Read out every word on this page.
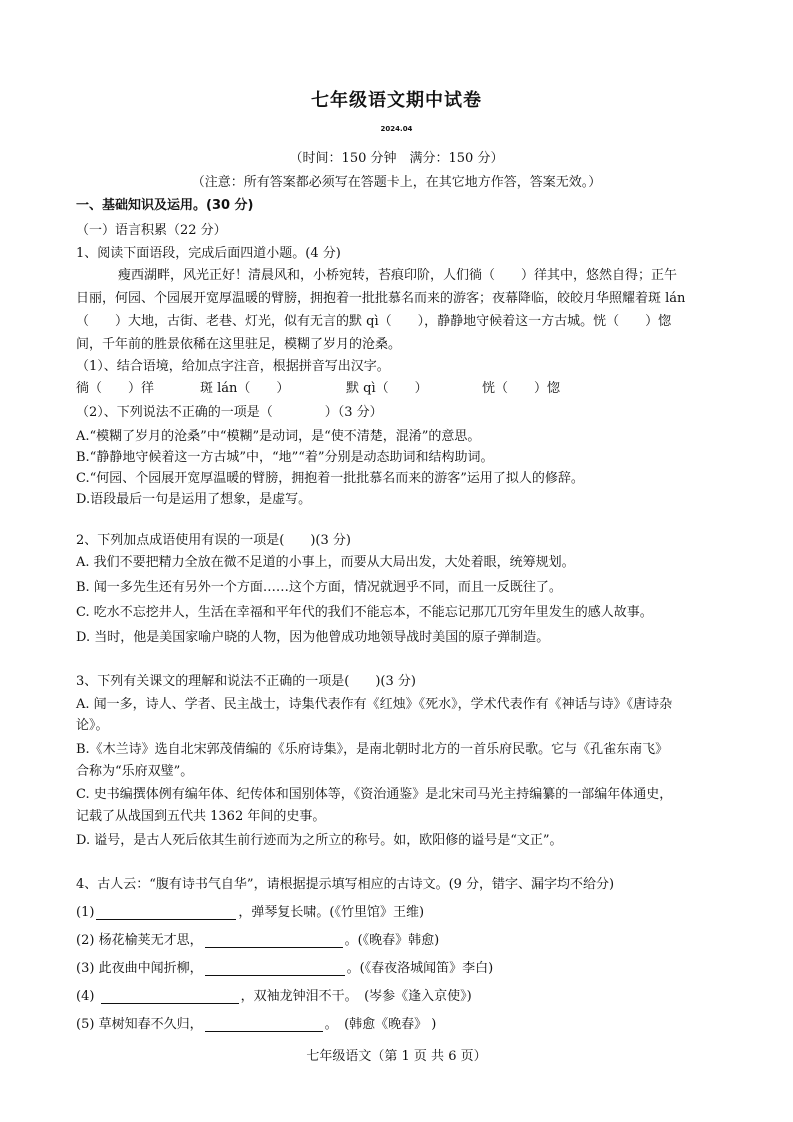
七年级语文期中试卷
2024.04
（时间：150 分钟　满分：150 分）
（注意：所有答案都必须写在答题卡上，在其它地方作答，答案无效。）
一、基础知识及运用。(30 分)
（一）语言积累（22 分）
1、阅读下面语段，完成后面四道小题。(4 分)
瘦西湖畔，风光正好！清晨风和，小桥宛转，苔痕印阶，人们徜（　　）徉其中，悠然自得；正午
日丽，何园、个园展开宽厚温暖的臂膀，拥抱着一批批慕名而来的游客；夜幕降临，皎皎月华照耀着斑 lán
（　　）大地，古街、老巷、灯光，似有无言的默 qì（　　），静静地守候着这一方古城。恍（　　）惚
间，千年前的胜景依稀在这里驻足，模糊了岁月的沧桑。
（1）、结合语境，给加点字注音，根据拼音写出汉字。
徜（　　）徉	斑 lán（　　）	默 qì（　　）	恍（　　）惚
（2）、下列说法不正确的一项是（　　　　）（3 分）
A.“模糊了岁月的沧桑”中“模糊”是动词，是“使不清楚，混淆”的意思。
B.“静静地守候着这一方古城”中，“地”“着”分别是动态助词和结构助词。
C.“何园、个园展开宽厚温暖的臂膀，拥抱着一批批慕名而来的游客”运用了拟人的修辞。
D.语段最后一句是运用了想象，是虚写。
2、下列加点成语使用有误的一项是(　　)(3 分)
A. 我们不要把精力全放在微不足道的小事上，而要从大局出发，大处着眼，统筹规划。
B. 闻一多先生还有另外一个方面……这个方面，情况就迥乎不同，而且一反既往了。
C. 吃水不忘挖井人，生活在幸福和平年代的我们不能忘本，不能忘记那兀兀穷年里发生的感人故事。
D. 当时，他是美国家喻户晓的人物，因为他曾成功地领导战时美国的原子弹制造。
3、下列有关课文的理解和说法不正确的一项是(　　)(3 分)
A. 闻一多，诗人、学者、民主战士，诗集代表作有《红烛》《死水》，学术代表作有《神话与诗》《唐诗杂
论》。
B.《木兰诗》选自北宋郭茂倩编的《乐府诗集》，是南北朝时北方的一首乐府民歌。它与《孔雀东南飞》
合称为“乐府双璧”。
C. 史书编撰体例有编年体、纪传体和国别体等，《资治通鉴》是北宋司马光主持编纂的一部编年体通史，
记载了从战国到五代共 1362 年间的史事。
D. 谥号，是古人死后依其生前行迹而为之所立的称号。如，欧阳修的谥号是“文正”。
4、古人云：“腹有诗书气自华”，请根据提示填写相应的古诗文。(9 分，错字、漏字均不给分)
(1)	，弹琴复长啸。(《竹里馆》王维)
(2) 杨花榆荚无才思，	。(《晚春》韩愈)
(3) 此夜曲中闻折柳，	。(《春夜洛城闻笛》李白)
(4)	，双袖龙钟泪不干。　(岑参《逢入京使》)
(5) 草树知春不久归，	。　(韩愈《晚春》 )
七年级语文（第 1 页 共 6 页）
